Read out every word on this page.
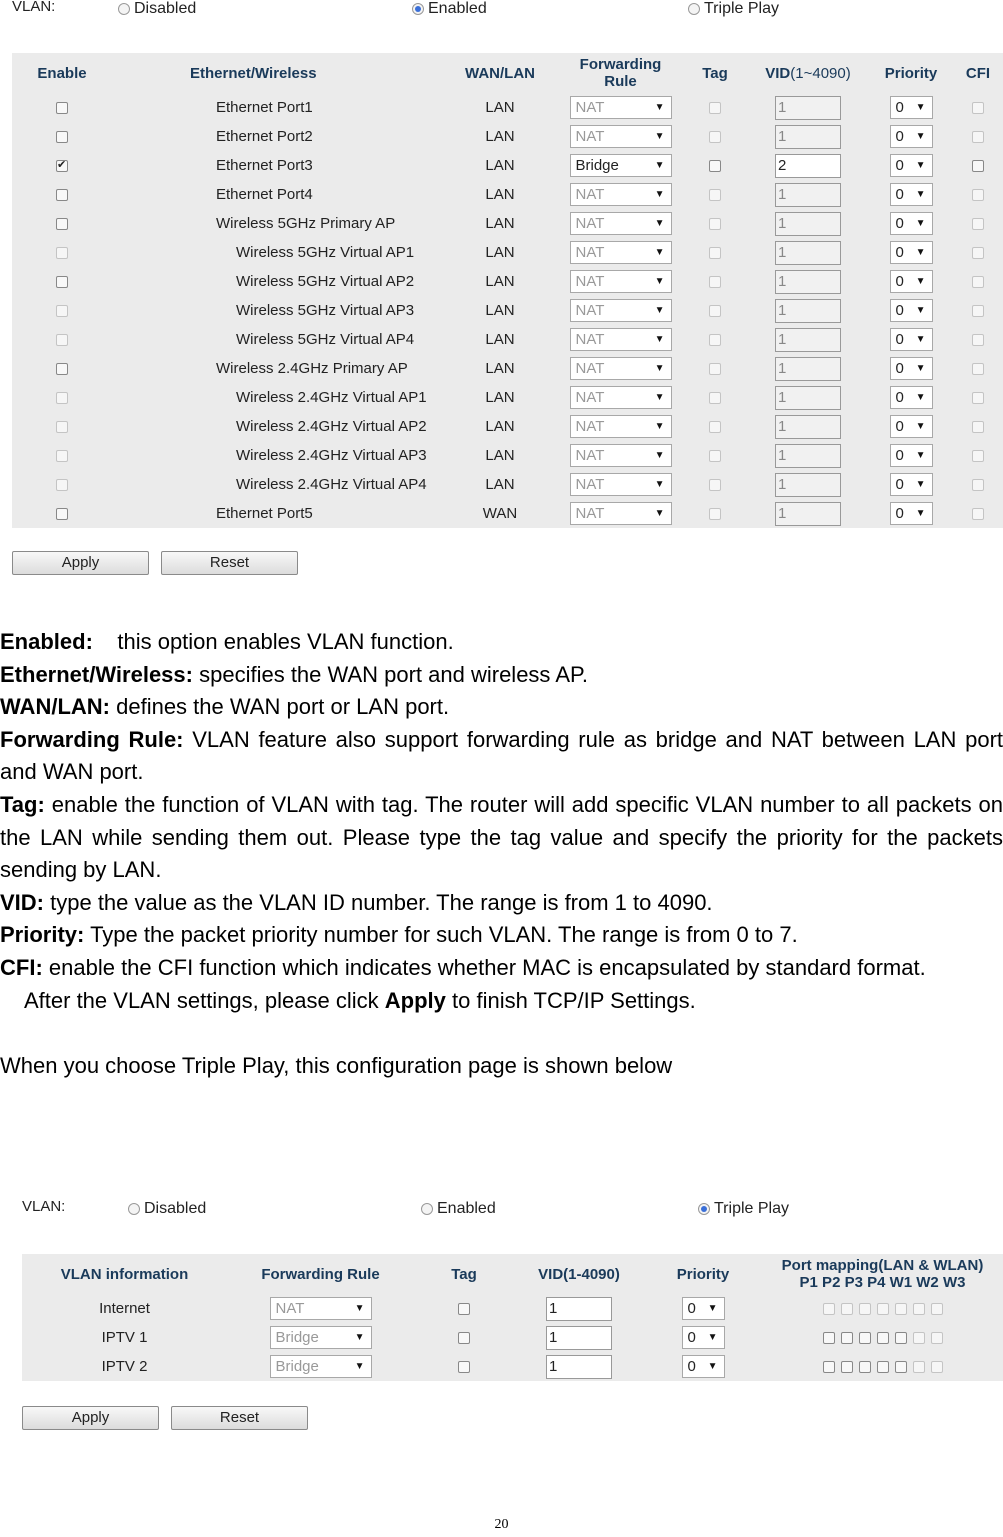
VLAN:	Disabled	Enabled	Triple Play
Enable	Ethernet/Wireless	WAN/LAN	Forwarding
Rule	Tag	VID(1~4090)	Priority	CFI
	Ethernet Port1	LAN	NAT ▼		1	0 ▼	

	Ethernet Port2	LAN	NAT ▼		1	0 ▼	

✔	Ethernet Port3	LAN	Bridge ▼		2	0 ▼	

	Ethernet Port4	LAN	NAT ▼		1	0 ▼	

	Wireless 5GHz Primary AP	LAN	NAT ▼		1	0 ▼	

	Wireless 5GHz Virtual AP1	LAN	NAT ▼		1	0 ▼	

	Wireless 5GHz Virtual AP2	LAN	NAT ▼		1	0 ▼	

	Wireless 5GHz Virtual AP3	LAN	NAT ▼		1	0 ▼	

	Wireless 5GHz Virtual AP4	LAN	NAT ▼		1	0 ▼	

	Wireless 2.4GHz Primary AP	LAN	NAT ▼		1	0 ▼	

	Wireless 2.4GHz Virtual AP1	LAN	NAT ▼		1	0 ▼	

	Wireless 2.4GHz Virtual AP2	LAN	NAT ▼		1	0 ▼	

	Wireless 2.4GHz Virtual AP3	LAN	NAT ▼		1	0 ▼	

	Wireless 2.4GHz Virtual AP4	LAN	NAT ▼		1	0 ▼	

	Ethernet Port5	WAN	NAT ▼		1	0 ▼	

Apply	Reset

Enabled: this option enables VLAN function.

Ethernet/Wireless: specifies the WAN port and wireless AP.

WAN/LAN: defines the WAN port or LAN port.

Forwarding Rule: VLAN feature also support forwarding rule as bridge and NAT between LAN port and WAN port.

Tag: enable the function of VLAN with tag. The router will add specific VLAN number to all packets on the LAN while sending them out. Please type the tag value and specify the priority for the packets sending by LAN.

VID: type the value as the VLAN ID number. The range is from 1 to 4090.

Priority: Type the packet priority number for such VLAN. The range is from 0 to 7.

CFI: enable the CFI function which indicates whether MAC is encapsulated by standard format.

After the VLAN settings, please click Apply to finish TCP/IP Settings.

When you choose Triple Play, this configuration page is shown below

VLAN:	Disabled	Enabled	Triple Play
VLAN information	Forwarding Rule	Tag	VID(1-4090)	Priority	Port mapping(LAN & WLAN)
P1 P2 P3 P4 W1 W2 W3
Internet	NAT ▼		1	0 ▼	

IPTV 1	Bridge ▼		1	0 ▼	

IPTV 2	Bridge ▼		1	0 ▼	

Apply	Reset
20
